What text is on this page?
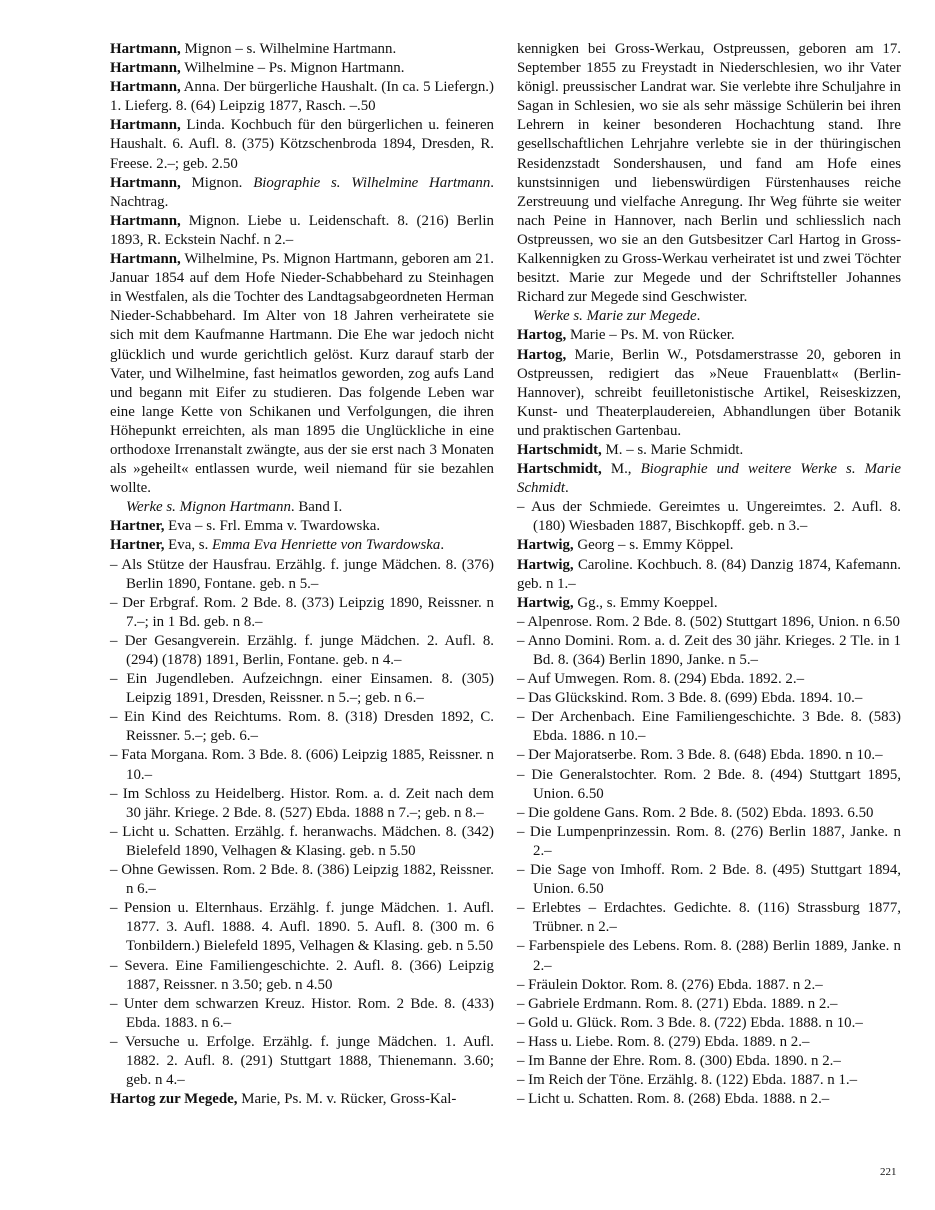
Hartmann, Mignon – s. Wilhelmine Hartmann.

Hartmann, Wilhelmine – Ps. Mignon Hartmann.

Hartmann, Anna. Der bürgerliche Haushalt. (In ca. 5 Liefergn.) 1. Lieferg. 8. (64) Leipzig 1877, Rasch. –.50

Hartmann, Linda. Kochbuch für den bürgerlichen u. feineren Haushalt. 6. Aufl. 8. (375) Kötzschenbroda 1894, Dresden, R. Freese. 2.–; geb. 2.50

Hartmann, Mignon. Biographie s. Wilhelmine Hartmann. Nachtrag.

Hartmann, Mignon. Liebe u. Leidenschaft. 8. (216) Berlin 1893, R. Eckstein Nachf. n 2.–

Hartmann, Wilhelmine, Ps. Mignon Hartmann, geboren am 21. Januar 1854 auf dem Hofe Nieder-Schabbehard zu Steinhagen in Westfalen, als die Tochter des Landtagsabgeordneten Herman Nieder-Schabbehard. Im Alter von 18 Jahren verheiratete sie sich mit dem Kaufmanne Hartmann. Die Ehe war jedoch nicht glücklich und wurde gerichtlich gelöst. Kurz darauf starb der Vater, und Wilhelmine, fast heimatlos geworden, zog aufs Land und begann mit Eifer zu studieren. Das folgende Leben war eine lange Kette von Schikanen und Verfolgungen, die ihren Höhepunkt erreichten, als man 1895 die Unglückliche in eine orthodoxe Irrenanstalt zwängte, aus der sie erst nach 3 Monaten als »geheilt« entlassen wurde, weil niemand für sie bezahlen wollte.

Werke s. Mignon Hartmann. Band I.

Hartner, Eva – s. Frl. Emma v. Twardowska.

Hartner, Eva, s. Emma Eva Henriette von Twardowska.

– Als Stütze der Hausfrau. Erzählg. f. junge Mädchen. 8. (376) Berlin 1890, Fontane. geb. n 5.–

– Der Erbgraf. Rom. 2 Bde. 8. (373) Leipzig 1890, Reissner. n 7.–; in 1 Bd. geb. n 8.–

– Der Gesangverein. Erzählg. f. junge Mädchen. 2. Aufl. 8. (294) (1878) 1891, Berlin, Fontane. geb. n 4.–

– Ein Jugendleben. Aufzeichngn. einer Einsamen. 8. (305) Leipzig 1891, Dresden, Reissner. n 5.–; geb. n 6.–

– Ein Kind des Reichtums. Rom. 8. (318) Dresden 1892, C. Reissner. 5.–; geb. 6.–

– Fata Morgana. Rom. 3 Bde. 8. (606) Leipzig 1885, Reissner. n 10.–

– Im Schloss zu Heidelberg. Histor. Rom. a. d. Zeit nach dem 30 jähr. Kriege. 2 Bde. 8. (527) Ebda. 1888 n 7.–; geb. n 8.–

– Licht u. Schatten. Erzählg. f. heranwachs. Mädchen. 8. (342) Bielefeld 1890, Velhagen & Klasing. geb. n 5.50

– Ohne Gewissen. Rom. 2 Bde. 8. (386) Leipzig 1882, Reissner. n 6.–

– Pension u. Elternhaus. Erzählg. f. junge Mädchen. 1. Aufl. 1877. 3. Aufl. 1888. 4. Aufl. 1890. 5. Aufl. 8. (300 m. 6 Tonbildern.) Bielefeld 1895, Velhagen & Klasing. geb. n 5.50

– Severa. Eine Familiengeschichte. 2. Aufl. 8. (366) Leipzig 1887, Reissner. n 3.50; geb. n 4.50

– Unter dem schwarzen Kreuz. Histor. Rom. 2 Bde. 8. (433) Ebda. 1883. n 6.–

– Versuche u. Erfolge. Erzählg. f. junge Mädchen. 1. Aufl. 1882. 2. Aufl. 8. (291) Stuttgart 1888, Thienemann. 3.60; geb. n 4.–

Hartog zur Megede, Marie, Ps. M. v. Rücker, Gross-Kal-

kennigken bei Gross-Werkau, Ostpreussen, geboren am 17. September 1855 zu Freystadt in Niederschlesien, wo ihr Vater königl. preussischer Landrat war. Sie verlebte ihre Schuljahre in Sagan in Schlesien, wo sie als sehr mässige Schülerin bei ihren Lehrern in keiner besonderen Hochachtung stand. Ihre gesellschaftlichen Lehrjahre verlebte sie in der thüringischen Residenzstadt Sondershausen, und fand am Hofe eines kunstsinnigen und liebenswürdigen Fürstenhauses reiche Zerstreuung und vielfache Anregung. Ihr Weg führte sie weiter nach Peine in Hannover, nach Berlin und schliesslich nach Ostpreussen, wo sie an den Gutsbesitzer Carl Hartog in Gross-Kalkennigken zu Gross-Werkau verheiratet ist und zwei Töchter besitzt. Marie zur Megede und der Schriftsteller Johannes Richard zur Megede sind Geschwister.

Werke s. Marie zur Megede.

Hartog, Marie – Ps. M. von Rücker.

Hartog, Marie, Berlin W., Potsdamerstrasse 20, geboren in Ostpreussen, redigiert das »Neue Frauenblatt« (Berlin-Hannover), schreibt feuilletonistische Artikel, Reiseskizzen, Kunst- und Theaterplaudereien, Abhandlungen über Botanik und praktischen Gartenbau.

Hartschmidt, M. – s. Marie Schmidt.

Hartschmidt, M., Biographie und weitere Werke s. Marie Schmidt.

– Aus der Schmiede. Gereimtes u. Ungereimtes. 2. Aufl. 8. (180) Wiesbaden 1887, Bischkopff. geb. n 3.–

Hartwig, Georg – s. Emmy Köppel.

Hartwig, Caroline. Kochbuch. 8. (84) Danzig 1874, Kafemann. geb. n 1.–

Hartwig, Gg., s. Emmy Koeppel.

– Alpenrose. Rom. 2 Bde. 8. (502) Stuttgart 1896, Union. n 6.50

– Anno Domini. Rom. a. d. Zeit des 30 jähr. Krieges. 2 Tle. in 1 Bd. 8. (364) Berlin 1890, Janke. n 5.–

– Auf Umwegen. Rom. 8. (294) Ebda. 1892. 2.–

– Das Glückskind. Rom. 3 Bde. 8. (699) Ebda. 1894. 10.–

– Der Archenbach. Eine Familiengeschichte. 3 Bde. 8. (583) Ebda. 1886. n 10.–

– Der Majoratserbe. Rom. 3 Bde. 8. (648) Ebda. 1890. n 10.–

– Die Generalstochter. Rom. 2 Bde. 8. (494) Stuttgart 1895, Union. 6.50

– Die goldene Gans. Rom. 2 Bde. 8. (502) Ebda. 1893. 6.50

– Die Lumpenprinzessin. Rom. 8. (276) Berlin 1887, Janke. n 2.–

– Die Sage von Imhoff. Rom. 2 Bde. 8. (495) Stuttgart 1894, Union. 6.50

– Erlebtes – Erdachtes. Gedichte. 8. (116) Strassburg 1877, Trübner. n 2.–

– Farbenspiele des Lebens. Rom. 8. (288) Berlin 1889, Janke. n 2.–

– Fräulein Doktor. Rom. 8. (276) Ebda. 1887. n 2.–

– Gabriele Erdmann. Rom. 8. (271) Ebda. 1889. n 2.–

– Gold u. Glück. Rom. 3 Bde. 8. (722) Ebda. 1888. n 10.–

– Hass u. Liebe. Rom. 8. (279) Ebda. 1889. n 2.–

– Im Banne der Ehre. Rom. 8. (300) Ebda. 1890. n 2.–

– Im Reich der Töne. Erzählg. 8. (122) Ebda. 1887. n 1.–

– Licht u. Schatten. Rom. 8. (268) Ebda. 1888. n 2.–

221
